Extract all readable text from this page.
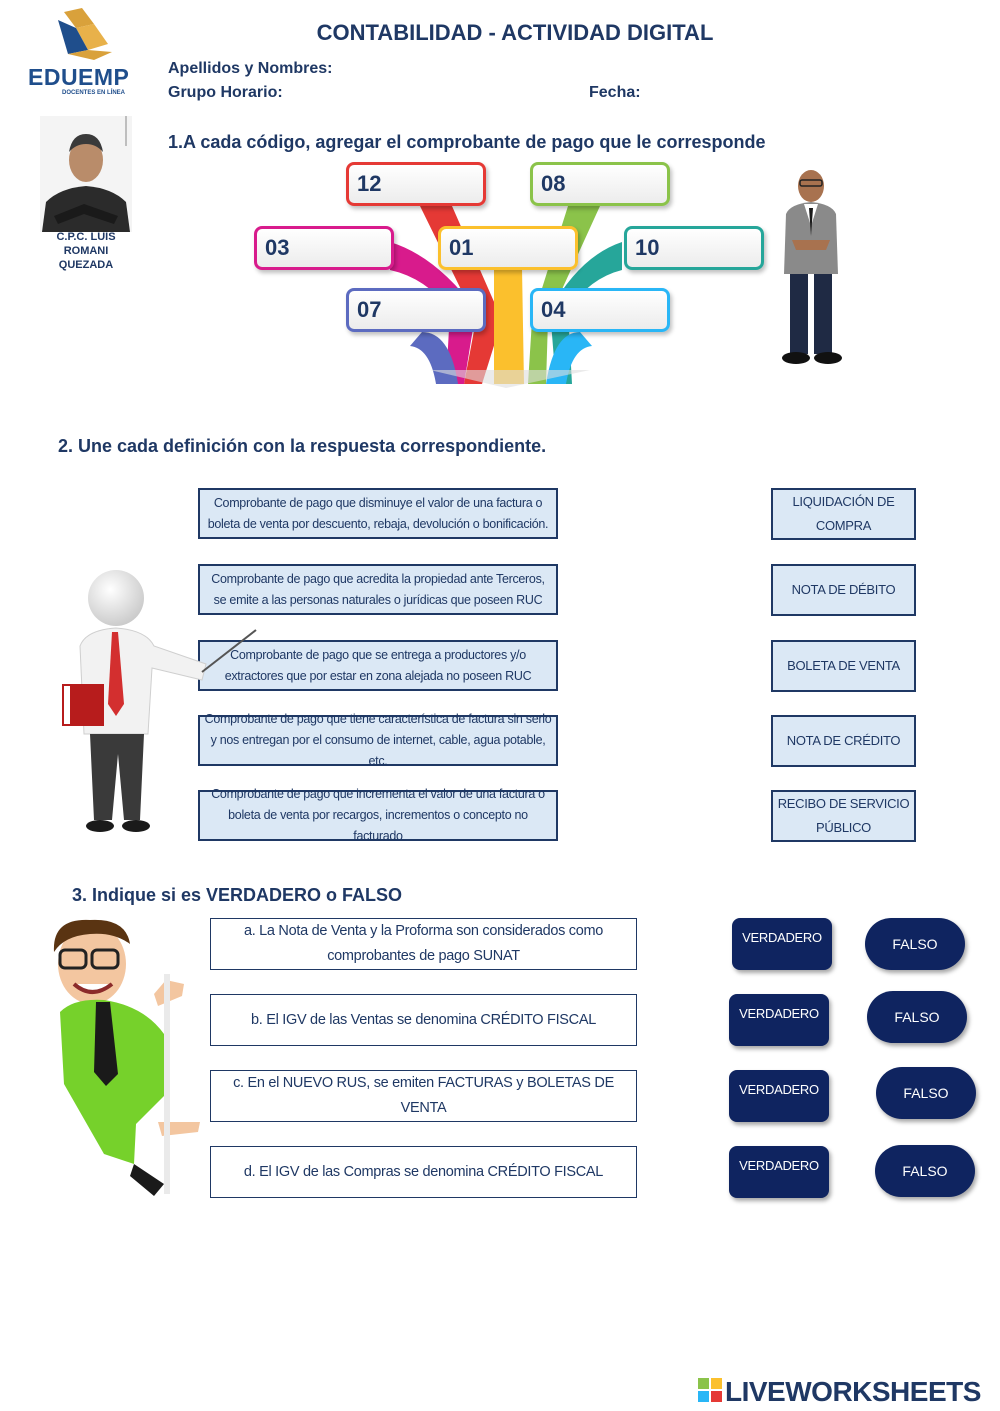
EDUEMP
DOCENTES EN LÍNEA
CONTABILIDAD - ACTIVIDAD DIGITAL
Apellidos y Nombres:
Grupo Horario:	Fecha:
C.P.C. LUIS ROMANI QUEZADA
1.A cada código, agregar el comprobante de pago que le corresponde
12	08
03	01	10
07	04
2. Une cada definición con la respuesta correspondiente.
Comprobante de pago que disminuye el valor de una factura o boleta de venta por descuento, rebaja, devolución o bonificación.
Comprobante de pago que acredita la propiedad ante Terceros, se emite a las personas naturales o jurídicas que poseen RUC
Comprobante de pago que se entrega a productores y/o extractores que por estar en zona alejada no poseen RUC
Comprobante de pago que tiene característica de factura sin serlo y nos entregan por el consumo de internet, cable, agua potable, etc.
Comprobante de pago que incrementa el valor de una factura o boleta de venta por recargos, incrementos o concepto no facturado
LIQUIDACIÓN DE COMPRA
NOTA DE DÉBITO
BOLETA DE VENTA
NOTA DE CRÉDITO
RECIBO DE SERVICIO PÚBLICO
3. Indique si es VERDADERO o FALSO
a. La Nota de Venta y la Proforma son considerados como comprobantes de pago SUNAT
b. El IGV de las Ventas se denomina CRÉDITO FISCAL
c. En el NUEVO RUS, se emiten FACTURAS y BOLETAS DE VENTA
d. El IGV de las Compras se denomina CRÉDITO FISCAL
VERDADERO	FALSO
VERDADERO	FALSO
VERDADERO	FALSO
VERDADERO	FALSO
LIVEWORKSHEETS
